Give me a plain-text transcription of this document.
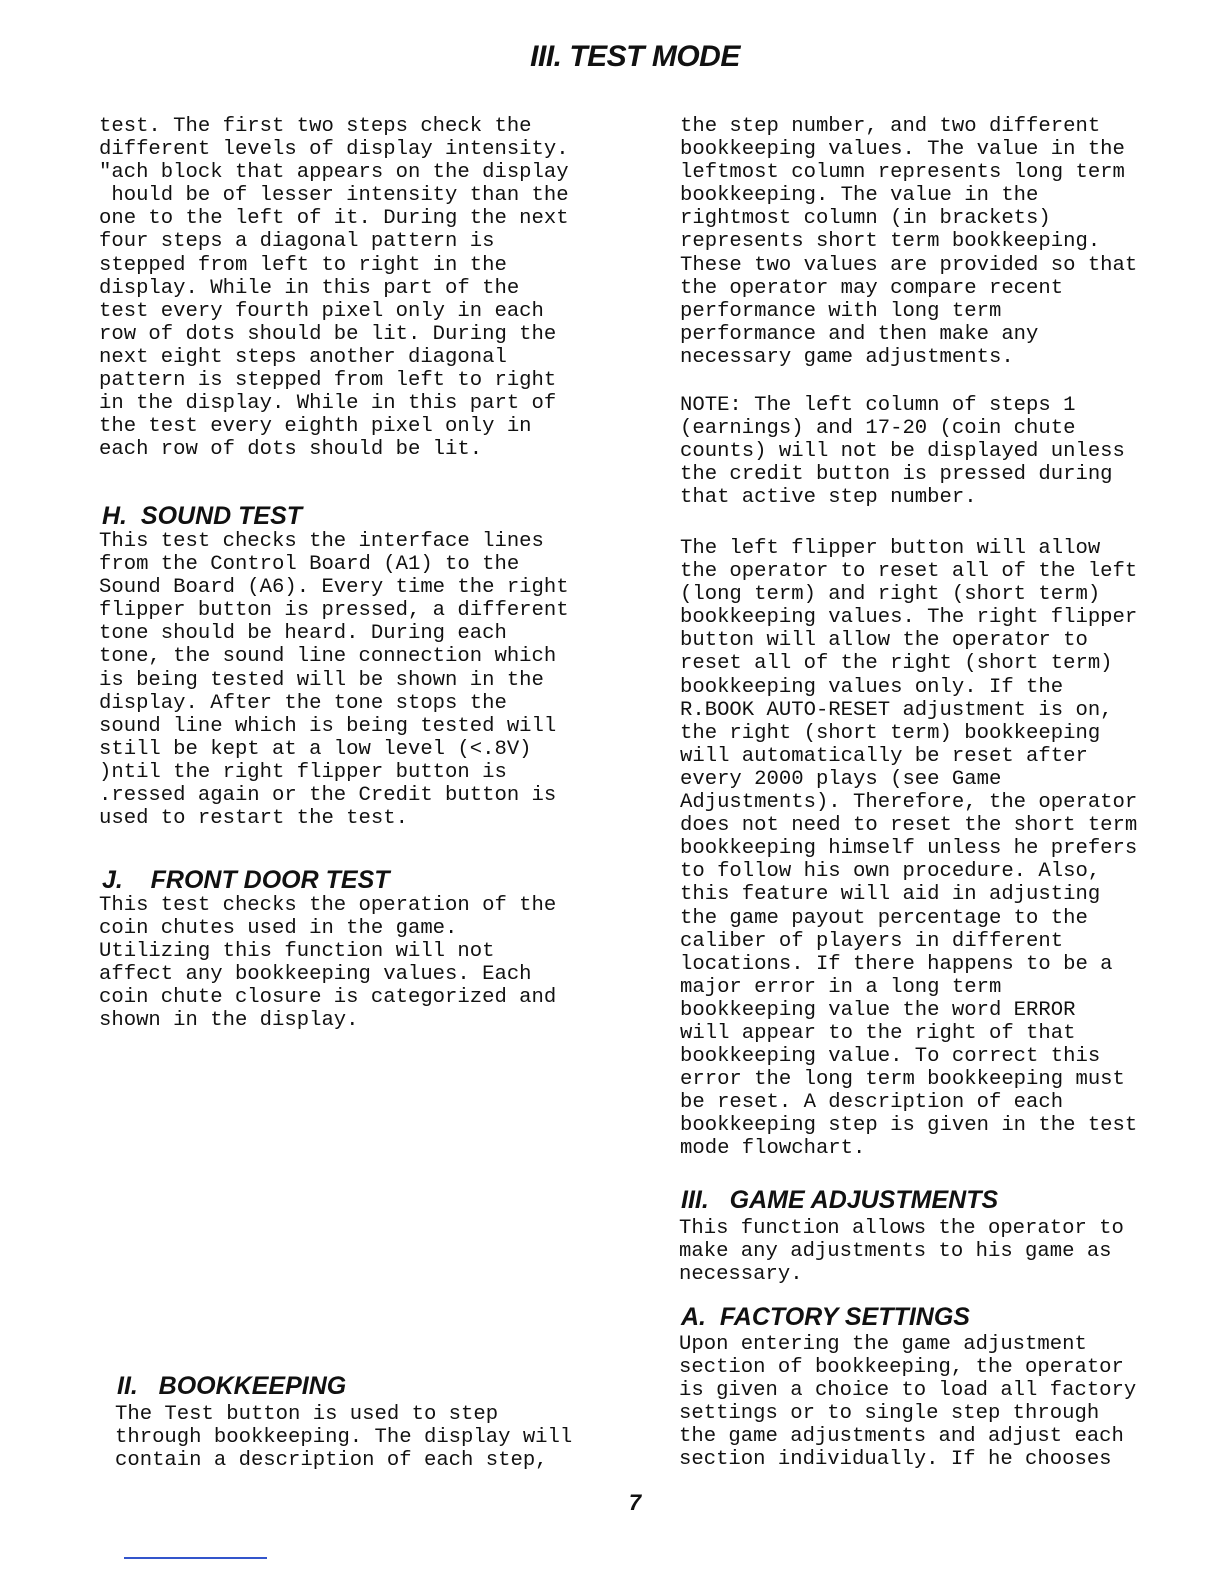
III. TEST MODE

test. The first two steps check the
different levels of display intensity.
"ach block that appears on the display
hould be of lesser intensity than the
one to the left of it. During the next
four steps a diagonal pattern is
stepped from left to right in the
display. While in this part of the
test every fourth pixel only in each
row of dots should be lit. During the
next eight steps another diagonal
pattern is stepped from left to right
in the display. While in this part of
the test every eighth pixel only in
each row of dots should be lit.

H.  SOUND TEST

This test checks the interface lines
from the Control Board (A1) to the
Sound Board (A6). Every time the right
flipper button is pressed, a different
tone should be heard. During each
tone, the sound line connection which
is being tested will be shown in the
display. After the tone stops the
sound line which is being tested will
still be kept at a low level (<.8V)
)ntil the right flipper button is
.ressed again or the Credit button is
used to restart the test.

J.    FRONT DOOR TEST

This test checks the operation of the
coin chutes used in the game.
Utilizing this function will not
affect any bookkeeping values. Each
coin chute closure is categorized and
shown in the display.

II.   BOOKKEEPING

The Test button is used to step
through bookkeeping. The display will
contain a description of each step,

the step number, and two different
bookkeeping values. The value in the
leftmost column represents long term
bookkeeping. The value in the
rightmost column (in brackets)
represents short term bookkeeping.
These two values are provided so that
the operator may compare recent
performance with long term
performance and then make any
necessary game adjustments.

NOTE: The left column of steps 1
(earnings) and 17-20 (coin chute
counts) will not be displayed unless
the credit button is pressed during
that active step number.

The left flipper button will allow
the operator to reset all of the left
(long term) and right (short term)
bookkeeping values. The right flipper
button will allow the operator to
reset all of the right (short term)
bookkeeping values only. If the
R.BOOK AUTO-RESET adjustment is on,
the right (short term) bookkeeping
will automatically be reset after
every 2000 plays (see Game
Adjustments). Therefore, the operator
does not need to reset the short term
bookkeeping himself unless he prefers
to follow his own procedure. Also,
this feature will aid in adjusting
the game payout percentage to the
caliber of players in different
locations. If there happens to be a
major error in a long term
bookkeeping value the word ERROR
will appear to the right of that
bookkeeping value. To correct this
error the long term bookkeeping must
be reset. A description of each
bookkeeping step is given in the test
mode flowchart.

III.   GAME ADJUSTMENTS

This function allows the operator to
make any adjustments to his game as
necessary.

A.  FACTORY SETTINGS

Upon entering the game adjustment
section of bookkeeping, the operator
is given a choice to load all factory
settings or to single step through
the game adjustments and adjust each
section individually. If he chooses

7
